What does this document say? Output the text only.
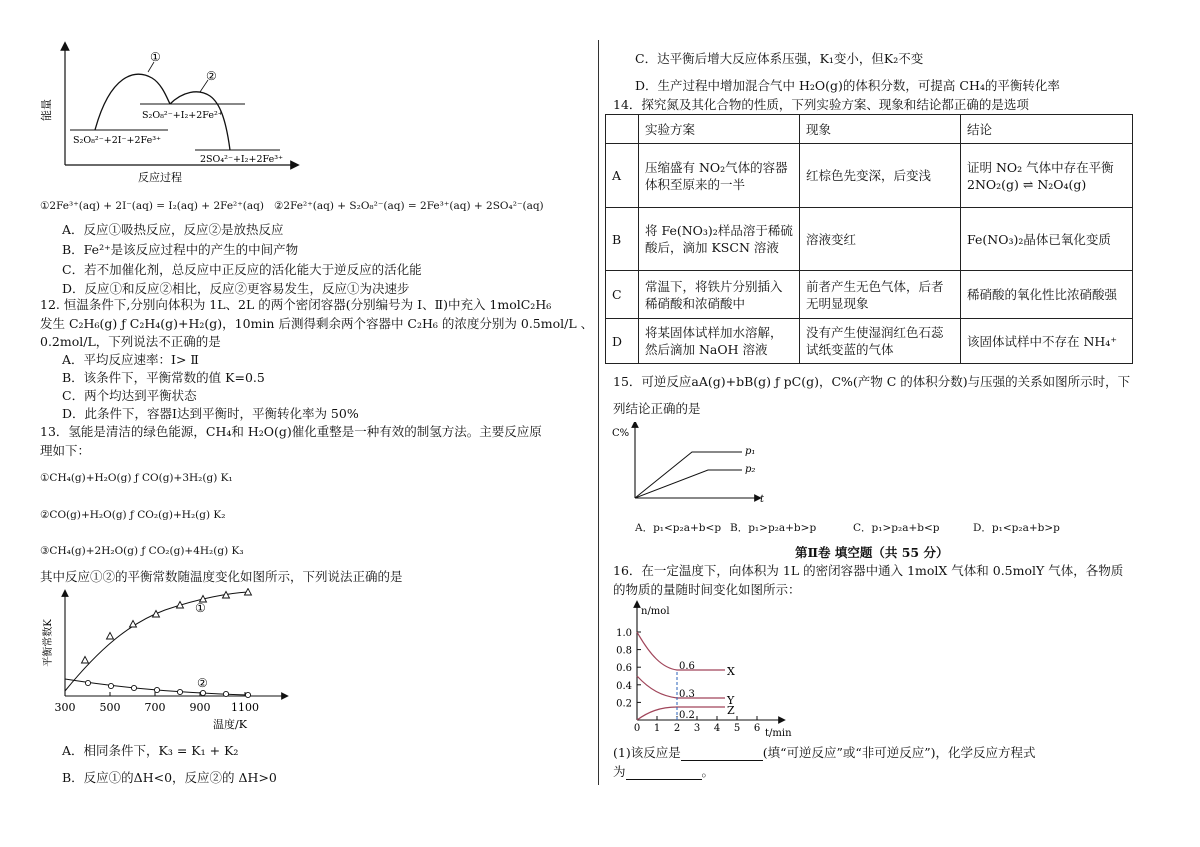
能量
反应过程
①
②
S₂O₈²⁻+I₂+2Fe²⁺
S₂O₈²⁻+2I⁻+2Fe³⁺
2SO₄²⁻+I₂+2Fe³⁺
①2Fe³⁺(aq) + 2I⁻(aq) = I₂(aq) + 2Fe²⁺(aq) ②2Fe²⁺(aq) + S₂O₈²⁻(aq) = 2Fe³⁺(aq) + 2SO₄²⁻(aq)
A．反应①吸热反应，反应②是放热反应
B．Fe²⁺是该反应过程中的产生的中间产物
C．若不加催化剂，总反应中正反应的活化能大于逆反应的活化能
D．反应①和反应②相比，反应②更容易发生，反应①为决速步
12. 恒温条件下,分别向体积为 1L、2L 的两个密闭容器(分别编号为 Ⅰ、Ⅱ)中充入 1molC₂H₆
发生 C₂H₆(g) ƒ C₂H₄(g)+H₂(g)，10min 后测得剩余两个容器中 C₂H₆ 的浓度分别为 0.5mol/L 、
0.2mol/L，下列说法不正确的是
A．平均反应速率：Ⅰ> Ⅱ
B．该条件下，平衡常数的值 K=0.5
C．两个均达到平衡状态
D．此条件下，容器Ⅰ达到平衡时，平衡转化率为 50%
13．氢能是清洁的绿色能源，CH₄和 H₂O(g)催化重整是一种有效的制氢方法。主要反应原
理如下：
①CH₄(g)+H₂O(g) ƒ CO(g)+3H₂(g) K₁
②CO(g)+H₂O(g) ƒ CO₂(g)+H₂(g) K₂
③CH₄(g)+2H₂O(g) ƒ CO₂(g)+4H₂(g) K₃
其中反应①②的平衡常数随温度变化如图所示，下列说法正确的是
平衡常数K
温度/K
300 500 700 900 1100
①
②
A．相同条件下，K₃ = K₁ + K₂
B．反应①的ΔH<0，反应②的 ΔH>0
C．达平衡后增大反应体系压强，K₁变小，但K₂不变
D．生产过程中增加混合气中 H₂O(g)的体积分数，可提高 CH₄的平衡转化率
14．探究氮及其化合物的性质，下列实验方案、现象和结论都正确的是选项
	实验方案	现象	结论
A	压缩盛有 NO₂气体的容器体积至原来的一半	红棕色先变深，后变浅	证明 NO₂ 气体中存在平衡 2NO₂(g) ⇌ N₂O₄(g)
B	将 Fe(NO₃)₂样品溶于稀硫酸后，滴加 KSCN 溶液	溶液变红	Fe(NO₃)₂晶体已氧化变质
C	常温下，将铁片分别插入稀硝酸和浓硝酸中	前者产生无色气体，后者无明显现象	稀硝酸的氧化性比浓硝酸强
D	将某固体试样加水溶解，然后滴加 NaOH 溶液	没有产生使湿润红色石蕊试纸变蓝的气体	该固体试样中不存在 NH₄⁺
15．可逆反应aA(g)+bB(g) ƒ pC(g)，C%(产物 C 的体积分数)与压强的关系如图所示时，下
列结论正确的是
C%
t
p₁
p₂
A．p₁<p₂a+b<p B．p₁>p₂a+b>p	C．p₁>p₂a+b<p	D．p₁<p₂a+b>p
第Ⅱ卷 填空题（共 55 分）
16．在一定温度下，向体积为 1L 的密闭容器中通入 1molX 气体和 0.5molY 气体，各物质
的物质的量随时间变化如图所示：
n/mol
t/min
1.0
0.8
0.6
0.4
0.2
0 1 2 3 4 5 6
0.6
0.3
0.2
X
Y
Z
(1)该反应是	(填“可逆反应”或“非可逆反应”)，化学反应方程式
为	。
